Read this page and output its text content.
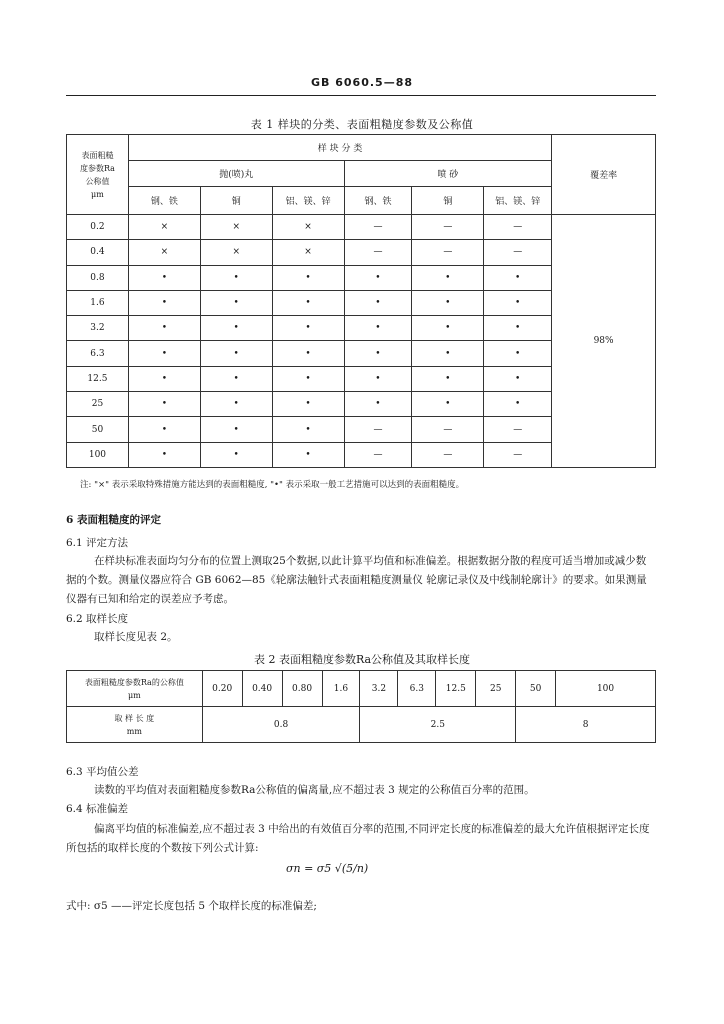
GB 6060.5—88
表 1 样块的分类、表面粗糙度参数及公称值
表面粗糙
度参数Ra
公称值
μm	样 块 分 类						覆差率
	抛(喷)丸			喷 砂			
	钢、铁	铜	铝、镁、锌	钢、铁	铜	铝、镁、锌	
0.2	×	×	×	—	—	—	98%
0.4	×	×	×	—	—	—	
0.8	•	•	•	•	•	•	
1.6	•	•	•	•	•	•	
3.2	•	•	•	•	•	•	
6.3	•	•	•	•	•	•	
12.5	•	•	•	•	•	•	
25	•	•	•	•	•	•	
50	•	•	•	—	—	—	
100	•	•	•	—	—	—	
注: "×" 表示采取特殊措施方能达到的表面粗糙度, "•" 表示采取一般工艺措施可以达到的表面粗糙度。
6 表面粗糙度的评定
6.1 评定方法
在样块标准表面均匀分布的位置上测取25个数据,以此计算平均值和标准偏差。根据数据分散的程度可适当增加或减少数据的个数。测量仪器应符合 GB 6062—85《轮廓法触针式表面粗糙度测量仪 轮廓记录仪及中线制轮廓计》的要求。如果测量仪器有已知和给定的误差应予考虑。
6.2 取样长度
取样长度见表 2。
表 2 表面粗糙度参数Ra公称值及其取样长度
表面粗糙度参数Ra的公称值
μm	0.20	0.40	0.80	1.6	3.2	6.3	12.5	25	50	100

取 样 长 度
mm	0.8				2.5				8	
6.3 平均值公差
读数的平均值对表面粗糙度参数Ra公称值的偏离量,应不超过表 3 规定的公称值百分率的范围。
6.4 标准偏差
偏离平均值的标准偏差,应不超过表 3 中给出的有效值百分率的范围,不同评定长度的标准偏差的最大允许值根据评定长度所包括的取样长度的个数按下列公式计算:
σn = σ5 √(5/n)
式中: σ5 ——评定长度包括 5 个取样长度的标准偏差;
